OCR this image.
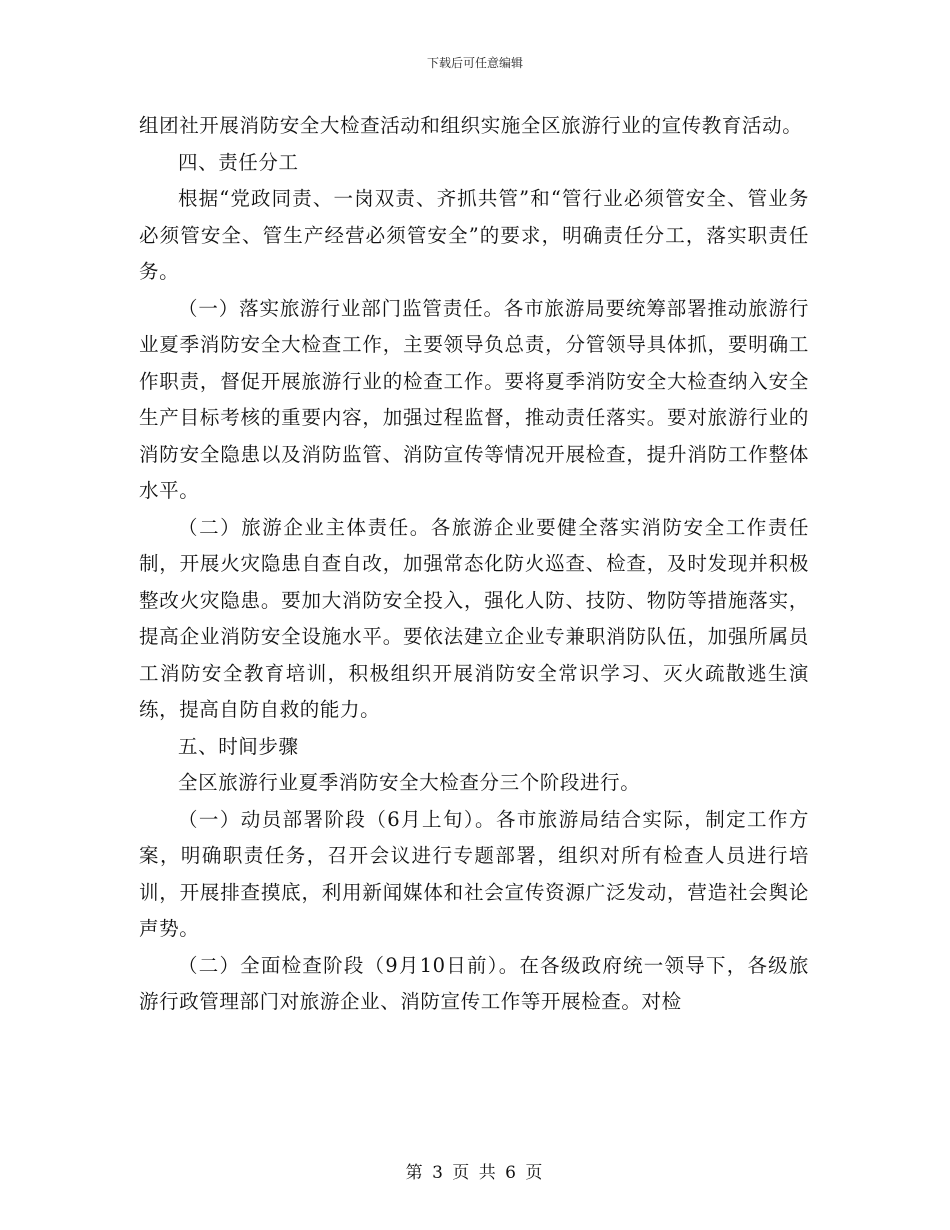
下载后可任意编辑

组团社开展消防安全大检查活动和组织实施全区旅游行业的宣传教育活动。

四、责任分工

根据“党政同责、一岗双责、齐抓共管”和“管行业必须管安全、管业务必须管安全、管生产经营必须管安全”的要求，明确责任分工，落实职责任务。

（一）落实旅游行业部门监管责任。各市旅游局要统筹部署推动旅游行业夏季消防安全大检查工作，主要领导负总责，分管领导具体抓，要明确工作职责，督促开展旅游行业的检查工作。要将夏季消防安全大检查纳入安全生产目标考核的重要内容，加强过程监督，推动责任落实。要对旅游行业的消防安全隐患以及消防监管、消防宣传等情况开展检查，提升消防工作整体水平。

（二）旅游企业主体责任。各旅游企业要健全落实消防安全工作责任制，开展火灾隐患自查自改，加强常态化防火巡查、检查，及时发现并积极整改火灾隐患。要加大消防安全投入，强化人防、技防、物防等措施落实，提高企业消防安全设施水平。要依法建立企业专兼职消防队伍，加强所属员工消防安全教育培训，积极组织开展消防安全常识学习、灭火疏散逃生演练，提高自防自救的能力。

五、时间步骤

全区旅游行业夏季消防安全大检查分三个阶段进行。

（一）动员部署阶段（6月上旬）。各市旅游局结合实际，制定工作方案，明确职责任务，召开会议进行专题部署，组织对所有检查人员进行培训，开展排查摸底，利用新闻媒体和社会宣传资源广泛发动，营造社会舆论声势。

（二）全面检查阶段（9月10日前）。在各级政府统一领导下，各级旅游行政管理部门对旅游企业、消防宣传工作等开展检查。对检

第 3 页 共 6 页
